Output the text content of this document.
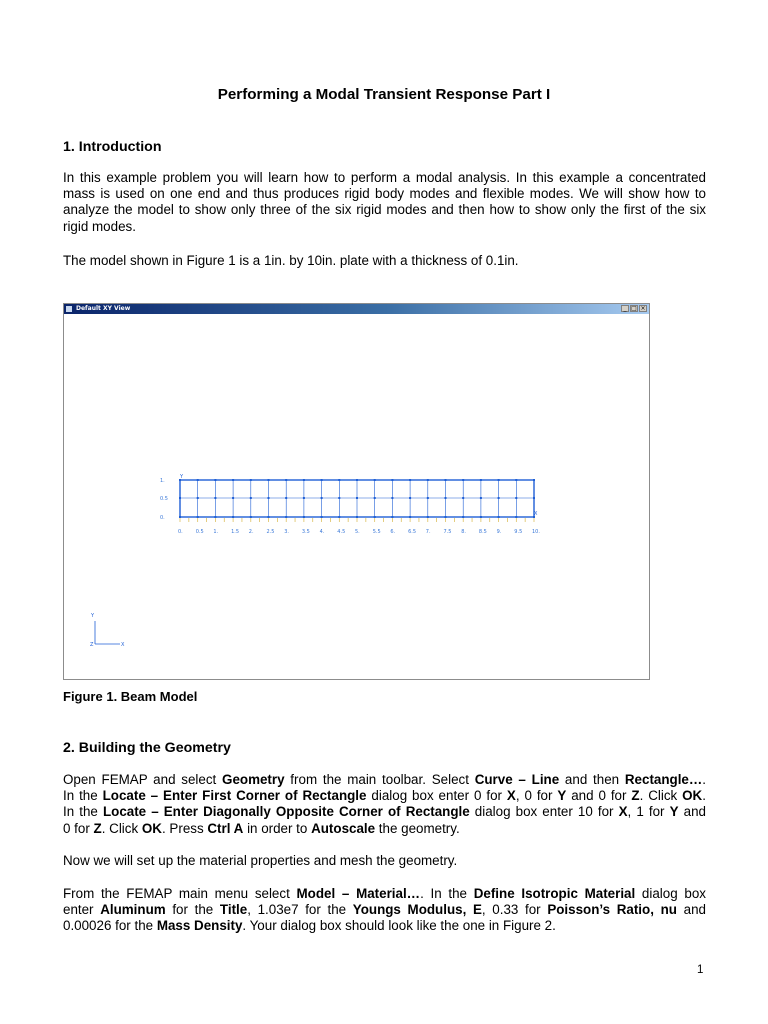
Performing a Modal Transient Response Part I
1. Introduction
In this example problem you will learn how to perform a modal analysis. In this example a concentrated
mass is used on one end and thus produces rigid body modes and flexible modes. We will show how to
analyze the model to show only three of the six rigid modes and then how to show only the first of the six
rigid modes.
The model shown in Figure 1 is a 1in. by 10in. plate with a thickness of 0.1in.
Default XY View	_ □ ×
0.	0.5 1.	1.5 2.	2.5 3.	3.5 4.	4.5 5.	5.5 6.	6.5 7.	7.5 8.	8.5 9.	9.5 10.
1.
0.5
0.
Y
X
Y
X
Z
Figure 1. Beam Model
2. Building the Geometry
Open FEMAP and select Geometry from the main toolbar. Select Curve – Line and then Rectangle….
In the Locate – Enter First Corner of Rectangle dialog box enter 0 for X, 0 for Y and 0 for Z. Click OK.
In the Locate – Enter Diagonally Opposite Corner of Rectangle dialog box enter 10 for X, 1 for Y and
0 for Z. Click OK. Press Ctrl A in order to Autoscale the geometry.
Now we will set up the material properties and mesh the geometry.
From the FEMAP main menu select Model – Material…. In the Define Isotropic Material dialog box
enter Aluminum for the Title, 1.03e7 for the Youngs Modulus, E, 0.33 for Poisson’s Ratio, nu and
0.00026 for the Mass Density. Your dialog box should look like the one in Figure 2.
1
